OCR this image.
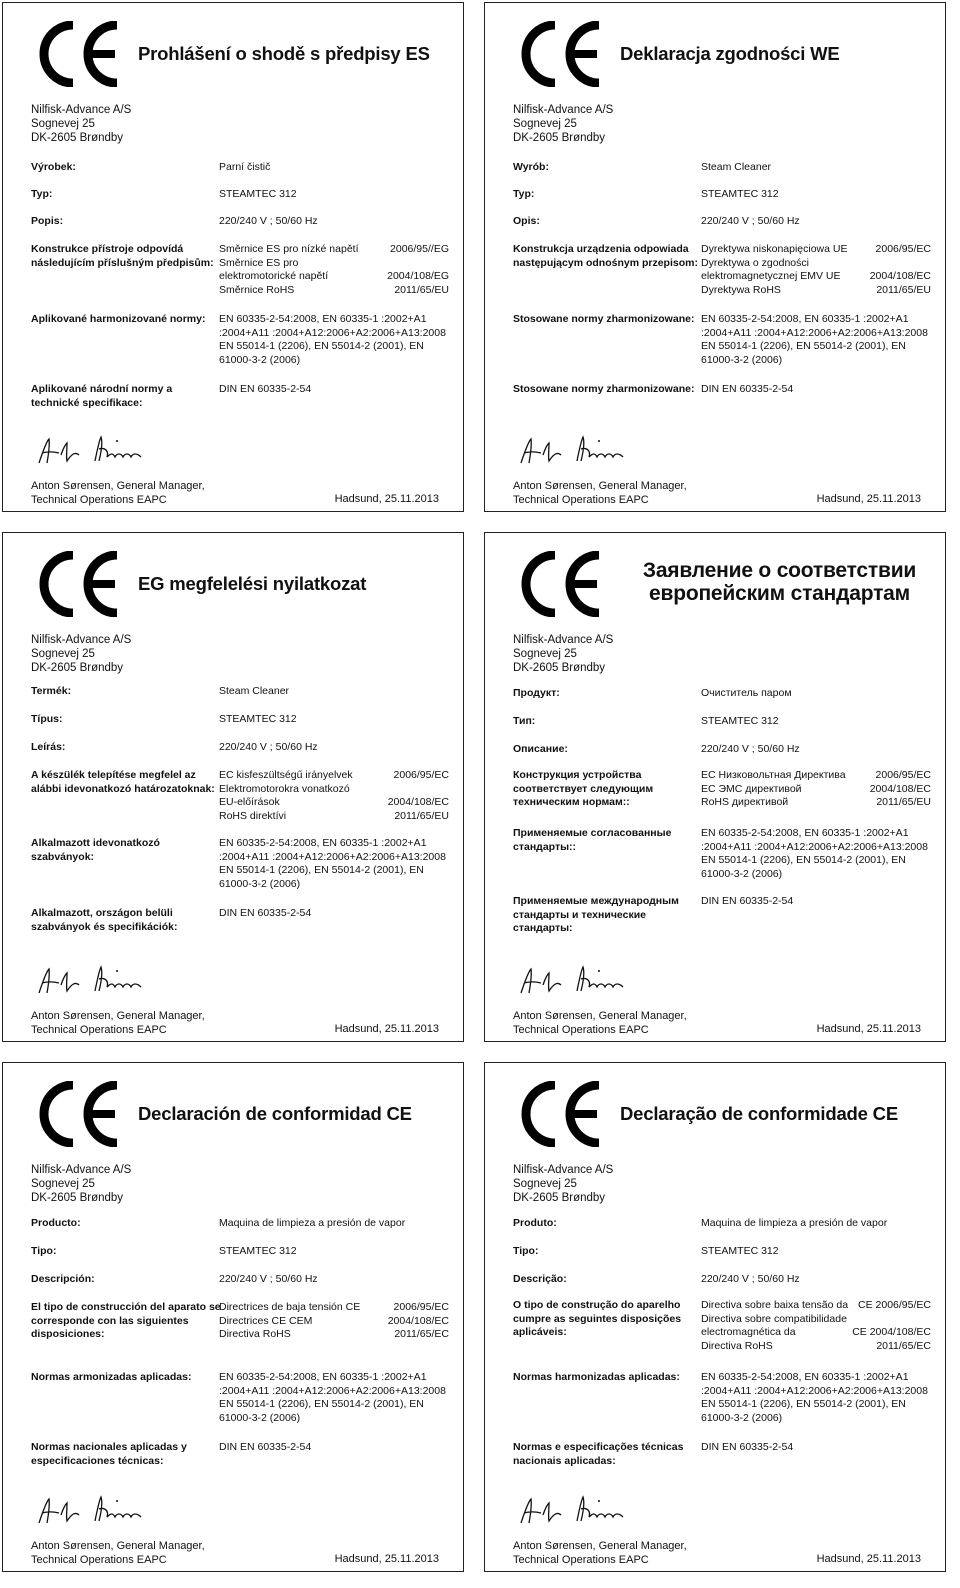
Prohlášení o shodě s předpisy ES
Nilfisk-Advance A/S
Sognevej 25
DK-2605 Brøndby
Výrobek:	Parní čistič
Typ:	STEAMTEC 312
Popis:	220/240 V ; 50/60 Hz
Konstrukce přístroje odpovídá následujícím příslušným předpisům:
Směrnice ES pro nízké napětí	2006/95//EG
Směrnice ES pro
elektromotorické napětí	2004/108/EG
Směrnice RoHS	2011/65/EU
Aplikované harmonizované normy:	EN 60335-2-54:2008, EN 60335-1 :2002+A1
:2004+A11 :2004+A12:2006+A2:2006+A13:2008
EN 55014-1 (2206), EN 55014-2 (2001), EN
61000-3-2 (2006)
Aplikované národní normy a technické specifikace:
DIN EN 60335-2-54
Anton Sørensen, General Manager,
Technical Operations EAPC	Hadsund, 25.11.2013
Deklaracja zgodności WE
Nilfisk-Advance A/S
Sognevej 25
DK-2605 Brøndby
Wyrób:	Steam Cleaner
Typ:	STEAMTEC 312
Opis:	220/240 V ; 50/60 Hz
Konstrukcja urządzenia odpowiada następującym odnośnym przepisom:
Dyrektywa niskonapięciowa UE	2006/95/EC
Dyrektywa o zgodności
elektromagnetycznej EMV UE	2004/108/EC
Dyrektywa RoHS	2011/65/EU
Stosowane normy zharmonizowane: EN 60335-2-54:2008, EN 60335-1 :2002+A1
:2004+A11 :2004+A12:2006+A2:2006+A13:2008
EN 55014-1 (2206), EN 55014-2 (2001), EN
61000-3-2 (2006)
Stosowane normy zharmonizowane: DIN EN 60335-2-54
Anton Sørensen, General Manager,
Technical Operations EAPC	Hadsund, 25.11.2013
EG megfelelési nyilatkozat
Nilfisk-Advance A/S
Sognevej 25
DK-2605 Brøndby
Termék:	Steam Cleaner
Típus:	STEAMTEC 312
Leírás:	220/240 V ; 50/60 Hz
A készülék telepítése megfelel az alábbi idevonatkozó határozatoknak:
EC kisfeszültségű irányelvek	2006/95/EC
Elektromotorokra vonatkozó
EU-előírások	2004/108/EC
RoHS direktívi	2011/65/EU
Alkalmazott idevonatkozó szabványok:
EN 60335-2-54:2008, EN 60335-1 :2002+A1
:2004+A11 :2004+A12:2006+A2:2006+A13:2008
EN 55014-1 (2206), EN 55014-2 (2001), EN
61000-3-2 (2006)
Alkalmazott, országon belüli szabványok és specifikációk:
DIN EN 60335-2-54
Anton Sørensen, General Manager,
Technical Operations EAPC	Hadsund, 25.11.2013
Заявление о соответствии европейским стандартам
Nilfisk-Advance A/S
Sognevej 25
DK-2605 Brøndby
Продукт:	Очиститель паром
Тип:	STEAMTEC 312
Описание:	220/240 V ; 50/60 Hz
Конструкция устройства соответствует следующим техническим нормам::
ЕС Низковольтная Директива	2006/95/EC
ЕС ЭМС директивой	2004/108/EC
RoHS директивой	2011/65/EU
Применяемые согласованные стандарты::
EN 60335-2-54:2008, EN 60335-1 :2002+A1
:2004+A11 :2004+A12:2006+A2:2006+A13:2008
EN 55014-1 (2206), EN 55014-2 (2001), EN
61000-3-2 (2006)
Применяемые международным стандарты и технические стандарты:
DIN EN 60335-2-54
Anton Sørensen, General Manager,
Technical Operations EAPC	Hadsund, 25.11.2013
Declaración de conformidad CE
Nilfisk-Advance A/S
Sognevej 25
DK-2605 Brøndby
Producto:	Maquina de limpieza a presión de vapor
Tipo:	STEAMTEC 312
Descripción:	220/240 V ; 50/60 Hz
El tipo de construcción del aparato se corresponde con las siguientes disposiciones:
Directrices de baja tensión CE	2006/95/EC
Directrices CE CEM	2004/108/EC
Directiva RoHS	2011/65/EC
Normas armonizadas aplicadas:	EN 60335-2-54:2008, EN 60335-1 :2002+A1
:2004+A11 :2004+A12:2006+A2:2006+A13:2008
EN 55014-1 (2206), EN 55014-2 (2001), EN
61000-3-2 (2006)
Normas nacionales aplicadas y especificaciones técnicas:
DIN EN 60335-2-54
Anton Sørensen, General Manager,
Technical Operations EAPC	Hadsund, 25.11.2013
Declaração de conformidade CE
Nilfisk-Advance A/S
Sognevej 25
DK-2605 Brøndby
Produto:	Maquina de limpieza a presión de vapor
Tipo:	STEAMTEC 312
Descrição:	220/240 V ; 50/60 Hz
O tipo de construção do aparelho cumpre as seguintes disposições aplicáveis:
Directiva sobre baixa tensão da CE 2006/95/EC
Directiva sobre compatibilidade
electromagnética da	CE 2004/108/EC
Directiva RoHS	2011/65/EC
Normas harmonizadas aplicadas:	EN 60335-2-54:2008, EN 60335-1 :2002+A1
:2004+A11 :2004+A12:2006+A2:2006+A13:2008
EN 55014-1 (2206), EN 55014-2 (2001), EN
61000-3-2 (2006)
Normas e especificações técnicas nacionais aplicadas:
DIN EN 60335-2-54
Anton Sørensen, General Manager,
Technical Operations EAPC	Hadsund, 25.11.2013
